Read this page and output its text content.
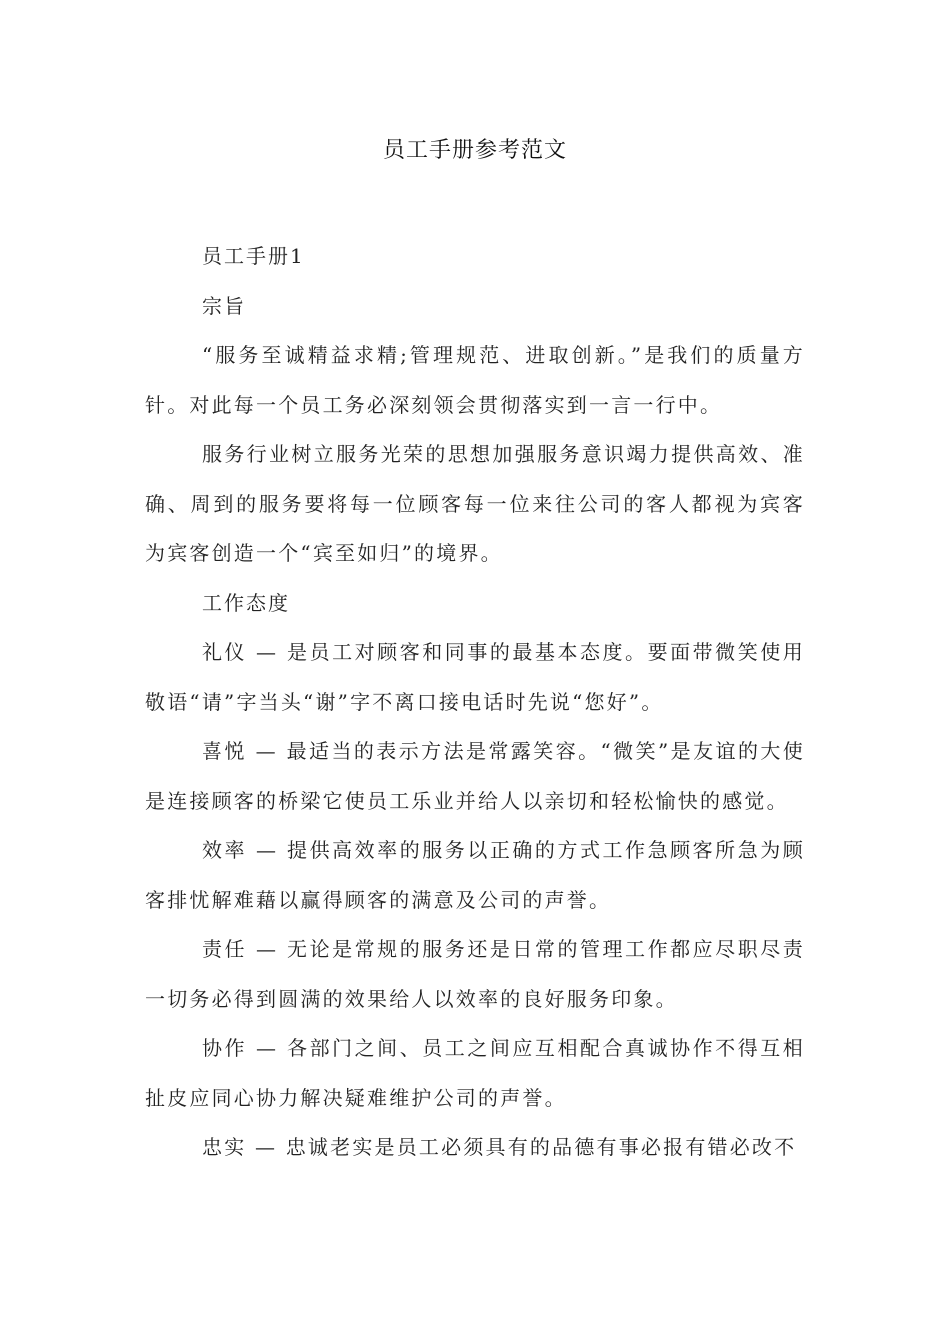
员工手册参考范文

员工手册1

宗旨

“服务至诚精益求精;管理规范、进取创新。”是我们的质量方针。对此每一个员工务必深刻领会贯彻落实到一言一行中。

服务行业树立服务光荣的思想加强服务意识竭力提供高效、准确、周到的服务要将每一位顾客每一位来往公司的客人都视为宾客为宾客创造一个“宾至如归”的境界。

工作态度

礼仪 — 是员工对顾客和同事的最基本态度。要面带微笑使用敬语“请”字当头“谢”字不离口接电话时先说“您好”。

喜悦 — 最适当的表示方法是常露笑容。“微笑”是友谊的大使是连接顾客的桥梁它使员工乐业并给人以亲切和轻松愉快的感觉。

效率 — 提供高效率的服务以正确的方式工作急顾客所急为顾客排忧解难藉以赢得顾客的满意及公司的声誉。

责任 — 无论是常规的服务还是日常的管理工作都应尽职尽责一切务必得到圆满的效果给人以效率的良好服务印象。

协作 — 各部门之间、员工之间应互相配合真诚协作不得互相扯皮应同心协力解决疑难维护公司的声誉。

忠实 — 忠诚老实是员工必须具有的品德有事必报有错必改不
